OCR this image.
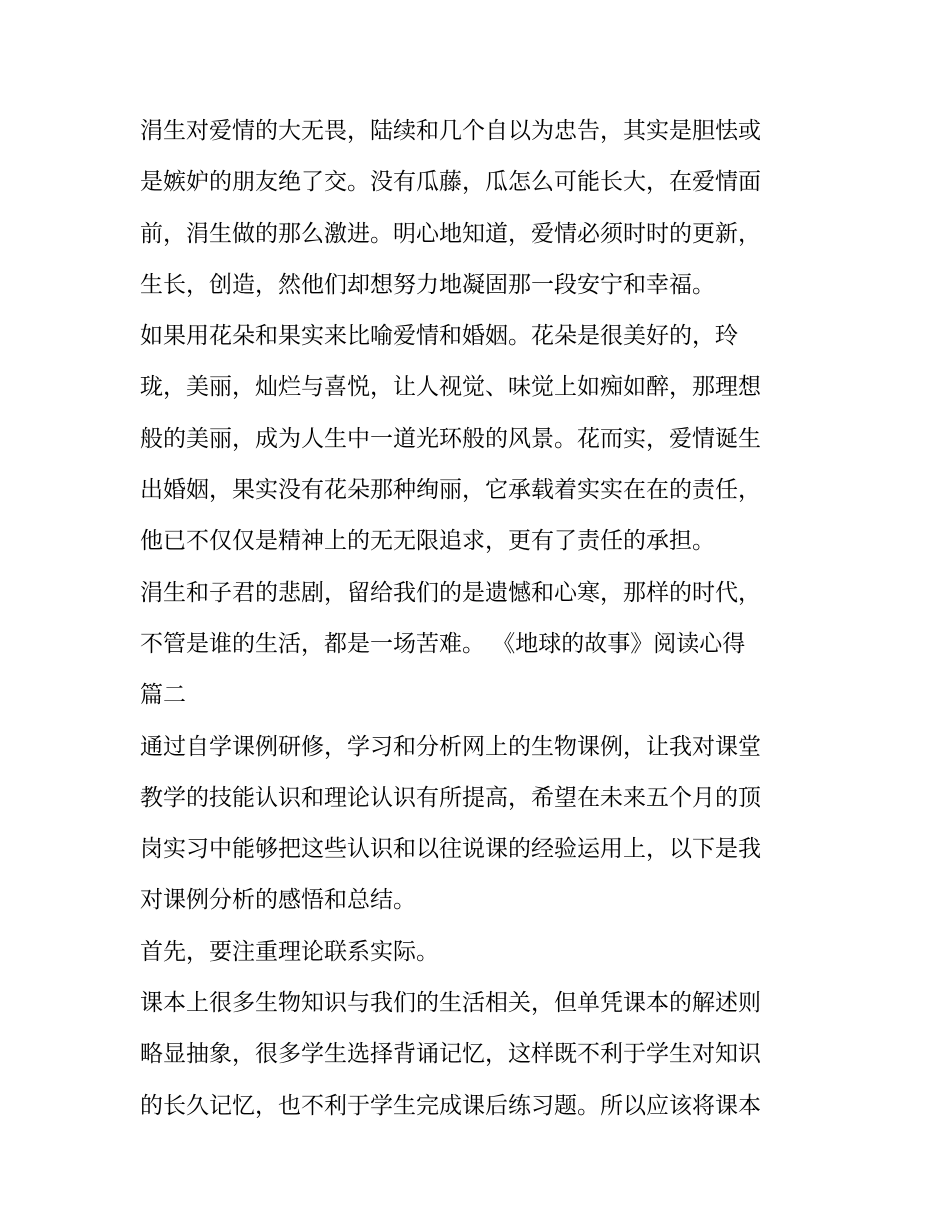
涓生对爱情的大无畏，陆续和几个自以为忠告，其实是胆怯或
是嫉妒的朋友绝了交。没有瓜藤，瓜怎么可能长大，在爱情面
前，涓生做的那么激进。明心地知道，爱情必须时时的更新，
生长，创造，然他们却想努力地凝固那一段安宁和幸福。
如果用花朵和果实来比喻爱情和婚姻。花朵是很美好的，玲
珑，美丽，灿烂与喜悦，让人视觉、味觉上如痴如醉，那理想
般的美丽，成为人生中一道光环般的风景。花而实，爱情诞生
出婚姻，果实没有花朵那种绚丽，它承载着实实在在的责任，
他已不仅仅是精神上的无无限追求，更有了责任的承担。
涓生和子君的悲剧，留给我们的是遗憾和心寒，那样的时代，
不管是谁的生活，都是一场苦难。 《地球的故事》阅读心得
篇二
通过自学课例研修，学习和分析网上的生物课例，让我对课堂
教学的技能认识和理论认识有所提高，希望在未来五个月的顶
岗实习中能够把这些认识和以往说课的经验运用上，以下是我
对课例分析的感悟和总结。
首先，要注重理论联系实际。
课本上很多生物知识与我们的生活相关，但单凭课本的解述则
略显抽象，很多学生选择背诵记忆，这样既不利于学生对知识
的长久记忆，也不利于学生完成课后练习题。所以应该将课本
